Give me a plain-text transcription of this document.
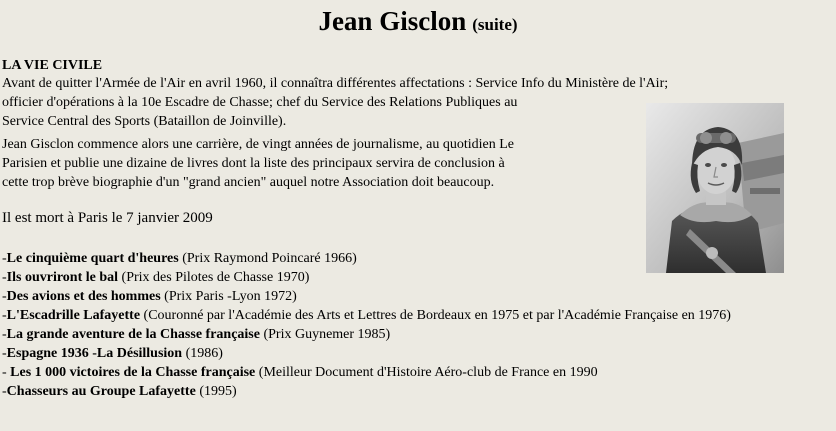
Jean Gisclon (suite)
LA VIE CIVILE
Avant de quitter l'Armée de l'Air en avril 1960, il connaîtra différentes affectations : Service Info du Ministère de l'Air;
officier d'opérations à la 10e Escadre de Chasse; chef du Service des Relations Publiques au
Service Central des Sports (Bataillon de Joinville).
Jean Gisclon commence alors une carrière, de vingt années de journalisme, au quotidien Le
Parisien et publie une dizaine de livres dont la liste des principaux servira de conclusion à
cette trop brève biographie d'un "grand ancien" auquel notre Association doit beaucoup.
Il est mort à Paris le 7 janvier 2009
-Le cinquième quart d'heures (Prix Raymond Poincaré 1966)
-Ils ouvriront le bal (Prix des Pilotes de Chasse 1970)
-Des avions et des hommes (Prix Paris -Lyon 1972)
-L'Escadrille Lafayette (Couronné par l'Académie des Arts et Lettres de Bordeaux en 1975 et par l'Académie Française en 1976)
-La grande aventure de la Chasse française (Prix Guynemer 1985)
-Espagne 1936 -La Désillusion (1986)
- Les 1 000 victoires de la Chasse française (Meilleur Document d'Histoire Aéro-club de France en 1990
-Chasseurs au Groupe Lafayette (1995)
